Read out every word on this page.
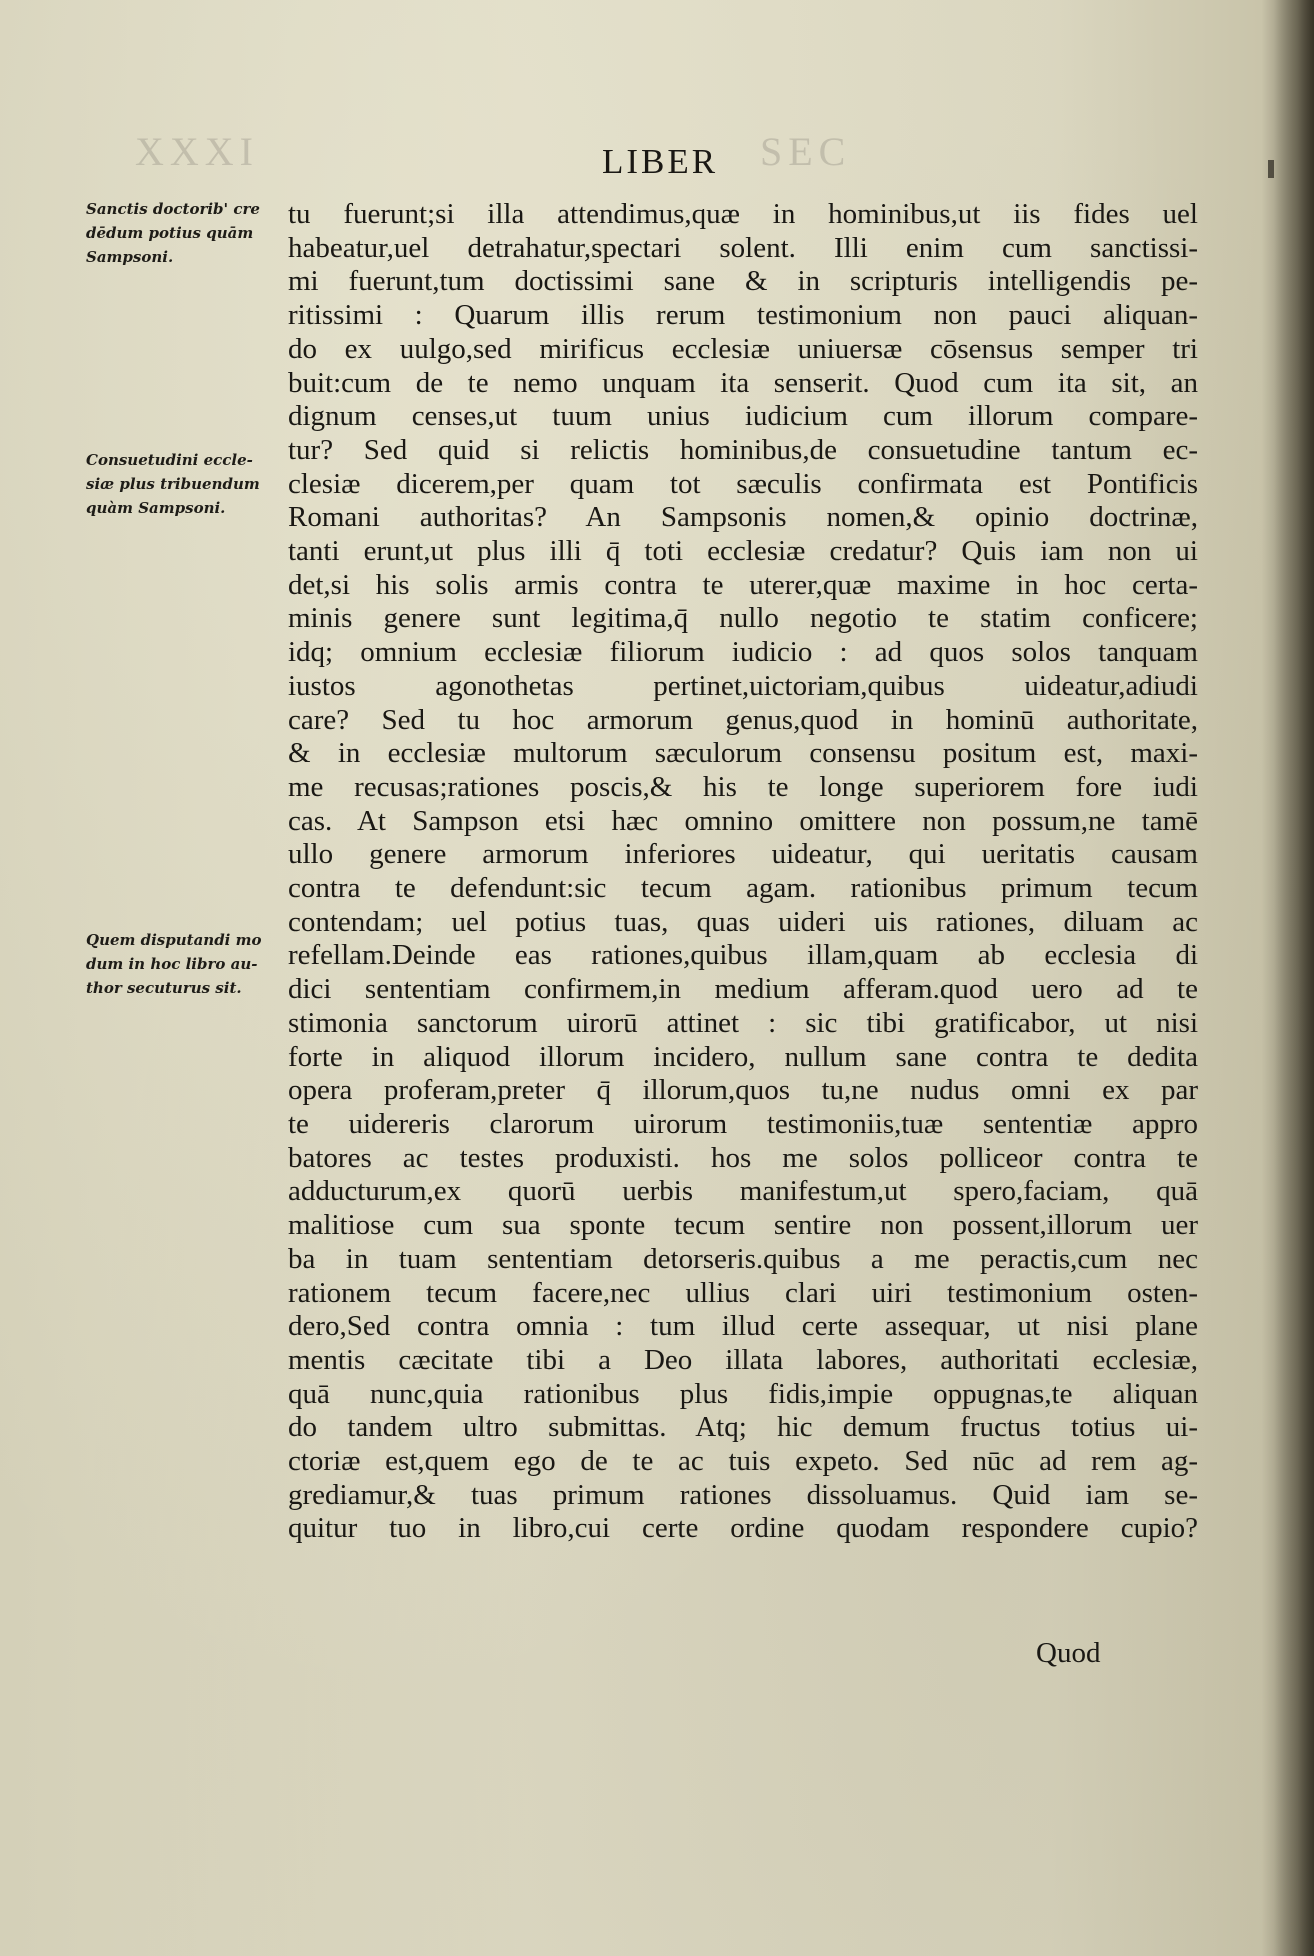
XXXI	SEC
LIBER
Sanctis doctorib' cre
dēdum potius quām
Sampsoni.
Consuetudini eccle-
siæ plus tribuendum
quàm Sampsoni.
Quem disputandi mo
dum in hoc libro au-
thor secuturus sit.
tu fuerunt;si illa attendimus,quæ in hominibus,ut iis fides uel
habeatur,uel detrahatur,spectari solent. Illi enim cum sanctissi-
mi fuerunt,tum doctissimi sane & in scripturis intelligendis pe-
ritissimi : Quarum illis rerum testimonium non pauci aliquan-
do ex uulgo,sed mirificus ecclesiæ uniuersæ cōsensus semper tri
buit:cum de te nemo unquam ita senserit. Quod cum ita sit, an
dignum censes,ut tuum unius iudicium cum illorum compare-
tur? Sed quid si relictis hominibus,de consuetudine tantum ec-
clesiæ dicerem,per quam tot sæculis confirmata est Pontificis
Romani authoritas? An Sampsonis nomen,& opinio doctrinæ,
tanti erunt,ut plus illi q̄ toti ecclesiæ credatur? Quis iam non ui
det,si his solis armis contra te uterer,quæ maxime in hoc certa-
minis genere sunt legitima,q̄ nullo negotio te statim conficere;
idq; omnium ecclesiæ filiorum iudicio : ad quos solos tanquam
iustos agonothetas pertinet,uictoriam,quibus uideatur,adiudi
care? Sed tu hoc armorum genus,quod in hominū authoritate,
& in ecclesiæ multorum sæculorum consensu positum est, maxi-
me recusas;rationes poscis,& his te longe superiorem fore iudi
cas. At Sampson etsi hæc omnino omittere non possum,ne tamē
ullo genere armorum inferiores uideatur, qui ueritatis causam
contra te defendunt:sic tecum agam. rationibus primum tecum
contendam; uel potius tuas, quas uideri uis rationes, diluam ac
refellam.Deinde eas rationes,quibus illam,quam ab ecclesia di
dici sententiam confirmem,in medium afferam.quod uero ad te
stimonia sanctorum uirorū attinet : sic tibi gratificabor, ut nisi
forte in aliquod illorum incidero, nullum sane contra te dedita
opera proferam,preter q̄ illorum,quos tu,ne nudus omni ex par
te uidereris clarorum uirorum testimoniis,tuæ sententiæ appro
batores ac testes produxisti. hos me solos polliceor contra te
adducturum,ex quorū uerbis manifestum,ut spero,faciam, quā
malitiose cum sua sponte tecum sentire non possent,illorum uer
ba in tuam sententiam detorseris.quibus a me peractis,cum nec
rationem tecum facere,nec ullius clari uiri testimonium osten-
dero,Sed contra omnia : tum illud certe assequar, ut nisi plane
mentis cæcitate tibi a Deo illata labores, authoritati ecclesiæ,
quā nunc,quia rationibus plus fidis,impie oppugnas,te aliquan
do tandem ultro submittas. Atq; hic demum fructus totius ui-
ctoriæ est,quem ego de te ac tuis expeto. Sed nūc ad rem ag-
grediamur,& tuas primum rationes dissoluamus. Quid iam se-
quitur tuo in libro,cui certe ordine quodam respondere cupio?
Quod
